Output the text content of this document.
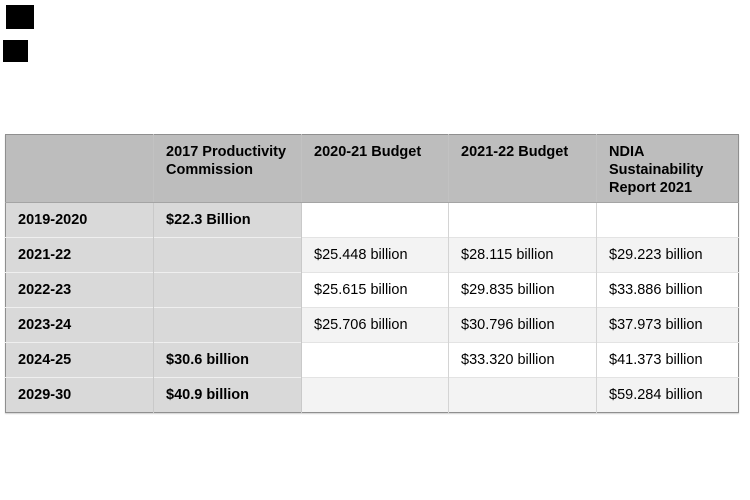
	2017 Productivity Commission	2020-21 Budget	2021-22 Budget	NDIA Sustainability Report 2021
2019-2020	$22.3 Billion			
2021-22		$25.448 billion	$28.115 billion	$29.223 billion
2022-23		$25.615 billion	$29.835 billion	$33.886 billion
2023-24		$25.706 billion	$30.796 billion	$37.973 billion
2024-25	$30.6 billion		$33.320 billion	$41.373 billion
2029-30	$40.9 billion			$59.284 billion
